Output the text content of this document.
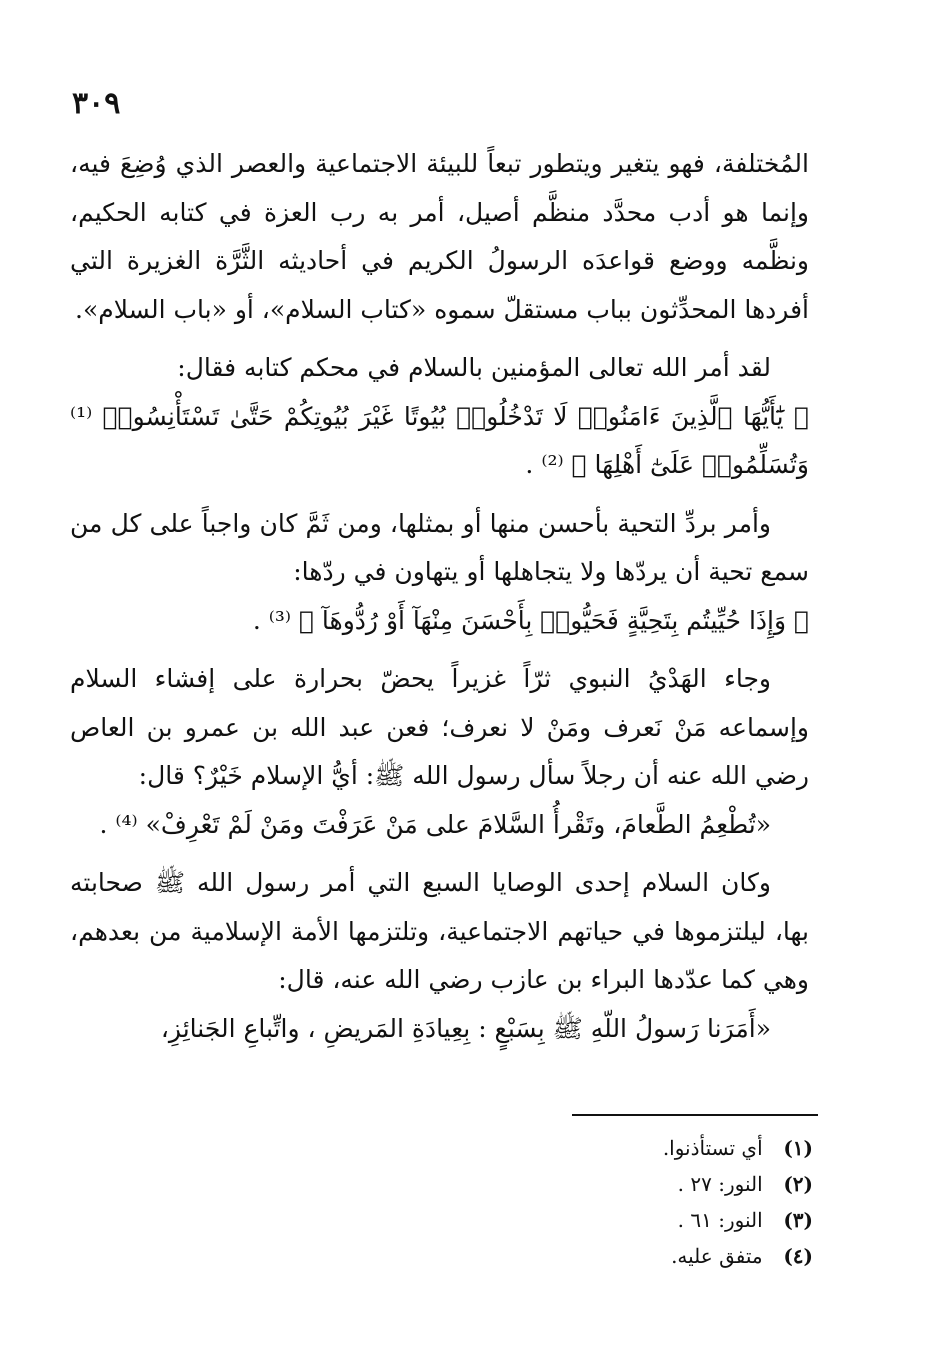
٣٠٩

المُختلفة، فهو يتغير ويتطور تبعاً للبيئة الاجتماعية والعصر الذي وُضِعَ فيه، وإنما هو أدب محدَّد منظَّم أصيل، أمر به رب العزة في كتابه الحكيم، ونظَّمه ووضع قواعدَه الرسولُ الكريم في أحاديثه الثَّرَّة الغزيرة التي أفردها المحدِّثون بباب مستقلّ سموه «كتاب السلام»، أو «باب السلام».

لقد أمر الله تعالى المؤمنين بالسلام في محكم كتابه فقال:

﴿ يَٰٓأَيُّهَا ٱلَّذِينَ ءَامَنُوا۟ لَا تَدْخُلُوا۟ بُيُوتًا غَيْرَ بُيُوتِكُمْ حَتَّىٰ تَسْتَأْنِسُوا۟ ⁽¹⁾ وَتُسَلِّمُوا۟ عَلَىٰٓ أَهْلِهَا ﴾ ⁽²⁾ .

وأمر بردِّ التحية بأحسن منها أو بمثلها، ومن ثَمَّ كان واجباً على كل من سمع تحية أن يردّها ولا يتجاهلها أو يتهاون في ردّها:

﴿ وَإِذَا حُيِّيتُم بِتَحِيَّةٍ فَحَيُّوا۟ بِأَحْسَنَ مِنْهَآ أَوْ رُدُّوهَآ ﴾ ⁽³⁾ .

وجاء الهَدْيُ النبوي ثرّاً غزيراً يحضّ بحرارة على إفشاء السلام وإسماعه مَنْ نَعرف ومَنْ لا نعرف؛ فعن عبد الله بن عمرو بن العاص رضي الله عنه أن رجلاً سأل رسول الله ﷺ: أيُّ الإسلام خَيْرٌ؟ قال:

«تُطْعِمُ الطَّعامَ، وتَقْرأُ السَّلامَ على مَنْ عَرَفْتَ ومَنْ لَمْ تَعْرِفْ» ⁽⁴⁾ .

وكان السلام إحدى الوصايا السبع التي أمر رسول الله ﷺ صحابته بها، ليلتزموها في حياتهم الاجتماعية، وتلتزمها الأمة الإسلامية من بعدهم، وهي كما عدّدها البراء بن عازب رضي الله عنه، قال:

«أَمَرَنا رَسولُ اللّهِ ﷺ بِسَبْعٍ : بِعِيادَةِ المَريضِ ، واتِّباعِ الجَنائِزِ،

(١) أي تستأذنوا.
(٢) النور: ٢٧ .
(٣) النور: ٦١ .
(٤) متفق عليه.
